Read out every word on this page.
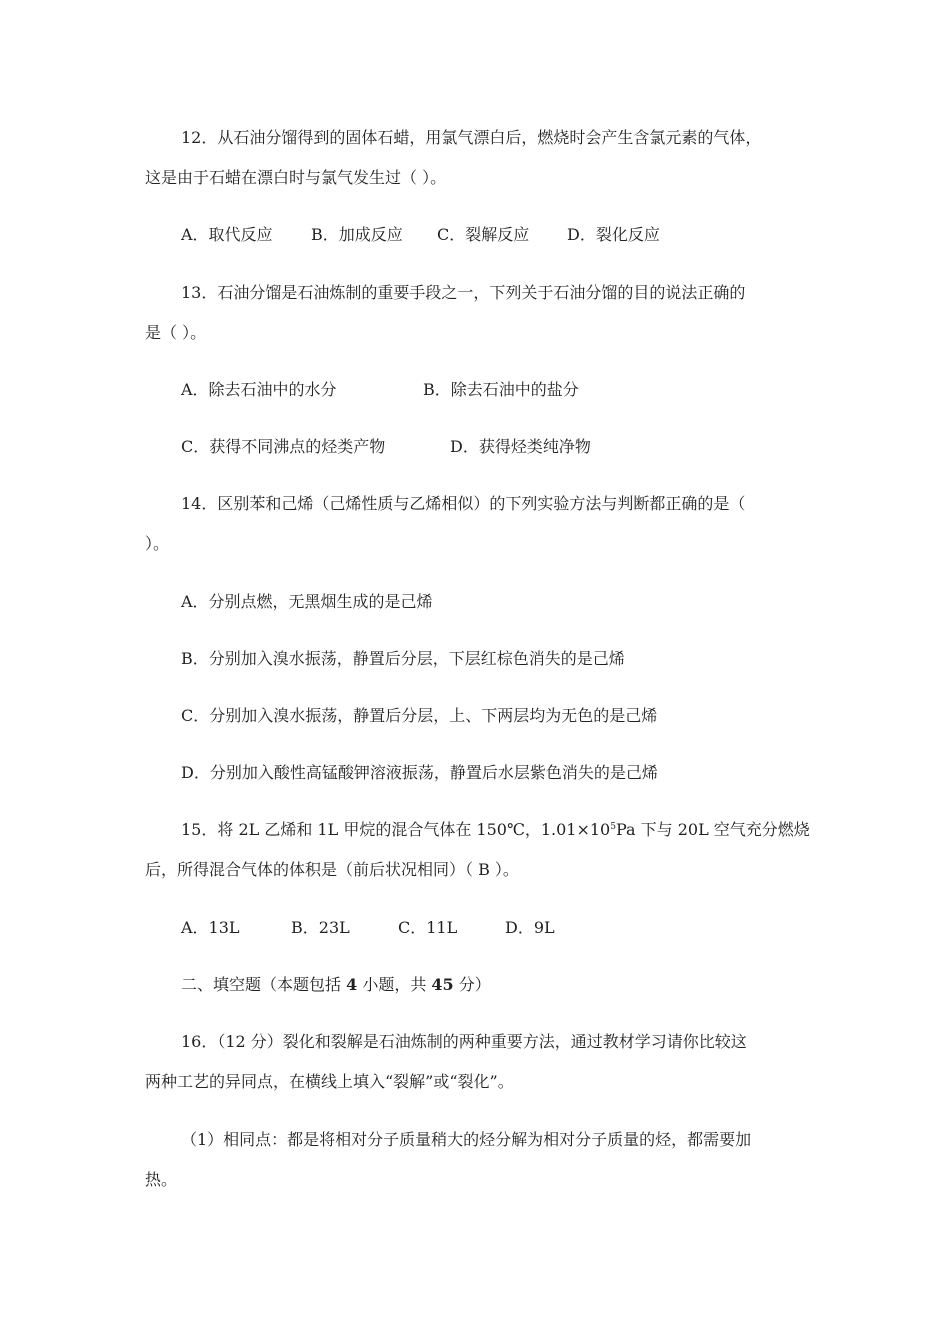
12．从石油分馏得到的固体石蜡，用氯气漂白后，燃烧时会产生含氯元素的气体，
这是由于石蜡在漂白时与氯气发生过（ ）。
A．取代反应 B．加成反应 C．裂解反应 D．裂化反应
13．石油分馏是石油炼制的重要手段之一，下列关于石油分馏的目的说法正确的
是（ ）。
A．除去石油中的水分	B．除去石油中的盐分
C．获得不同沸点的烃类产物	D．获得烃类纯净物
14．区别苯和己烯（己烯性质与乙烯相似）的下列实验方法与判断都正确的是（
）。
A．分别点燃，无黑烟生成的是己烯
B．分别加入溴水振荡，静置后分层，下层红棕色消失的是己烯
C．分别加入溴水振荡，静置后分层，上、下两层均为无色的是己烯
D．分别加入酸性高锰酸钾溶液振荡，静置后水层紫色消失的是己烯
15．将 2L 乙烯和 1L 甲烷的混合气体在 150℃，$1.01\times 10^5Pa$ 下与 20L 空气充分燃烧
后，所得混合气体的体积是（前后状况相同）（ B ）。
A．13L	B．23L	C．11L	D．9L
二、填空题（本题包括 4 小题，共 45 分）
16．（12 分）裂化和裂解是石油炼制的两种重要方法，通过教材学习请你比较这
两种工艺的异同点，在横线上填入“裂解”或“裂化”。
（1）相同点：都是将相对分子质量稍大的烃分解为相对分子质量的烃，都需要加
热。
